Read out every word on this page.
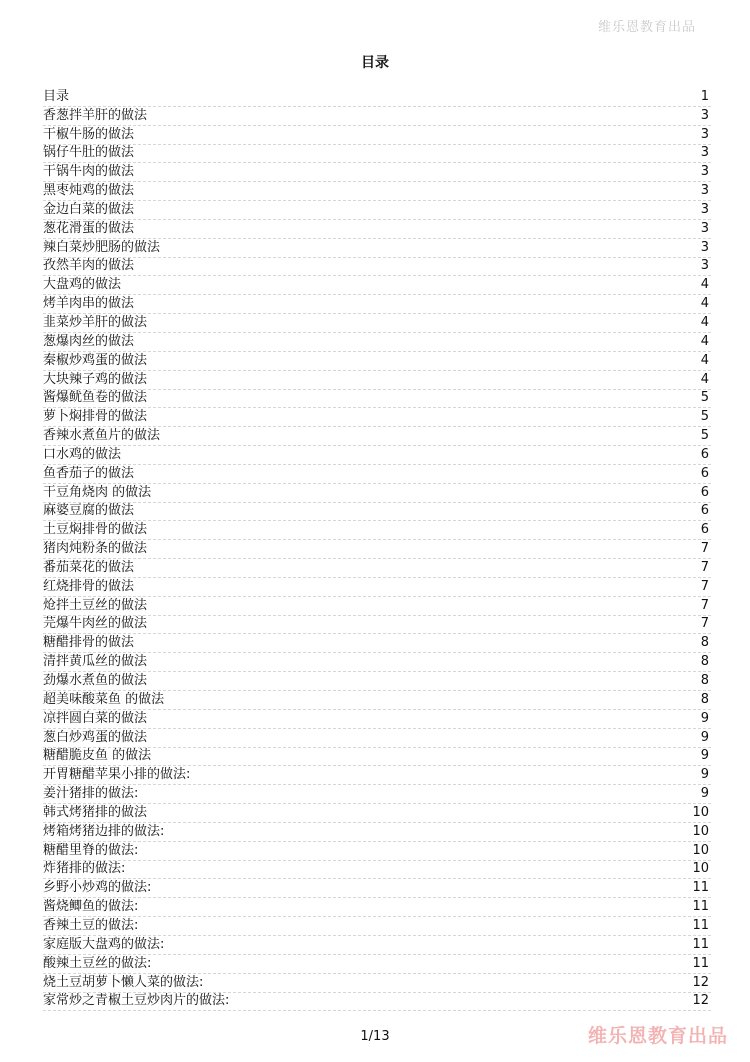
维乐恩教育出品
目录
目录	1
香葱拌羊肝的做法	3
干椒牛肠的做法	3
锅仔牛肚的做法	3
干锅牛肉的做法	3
黑枣炖鸡的做法	3
金边白菜的做法	3
葱花滑蛋的做法	3
辣白菜炒肥肠的做法	3
孜然羊肉的做法	3
大盘鸡的做法	4
烤羊肉串的做法	4
韭菜炒羊肝的做法	4
葱爆肉丝的做法	4
秦椒炒鸡蛋的做法	4
大块辣子鸡的做法	4
酱爆鱿鱼卷的做法	5
萝卜焖排骨的做法	5
香辣水煮鱼片的做法	5
口水鸡的做法	6
鱼香茄子的做法	6
干豆角烧肉 的做法	6
麻婆豆腐的做法	6
土豆焖排骨的做法	6
猪肉炖粉条的做法	7
番茄菜花的做法	7
红烧排骨的做法	7
炝拌土豆丝的做法	7
芫爆牛肉丝的做法	7
糖醋排骨的做法	8
清拌黄瓜丝的做法	8
劲爆水煮鱼的做法	8
超美味酸菜鱼 的做法	8
凉拌圆白菜的做法	9
葱白炒鸡蛋的做法	9
糖醋脆皮鱼 的做法	9
开胃糖醋苹果小排的做法:	9
姜汁猪排的做法:	9
韩式烤猪排的做法	10
烤箱烤猪边排的做法:	10
糖醋里脊的做法:	10
炸猪排的做法:	10
乡野小炒鸡的做法:	11
酱烧鲫鱼的做法:	11
香辣土豆的做法:	11
家庭版大盘鸡的做法:	11
酸辣土豆丝的做法:	11
烧土豆胡萝卜懒人菜的做法:	12
家常炒之青椒土豆炒肉片的做法:	12
1/13	维乐恩教育出品
